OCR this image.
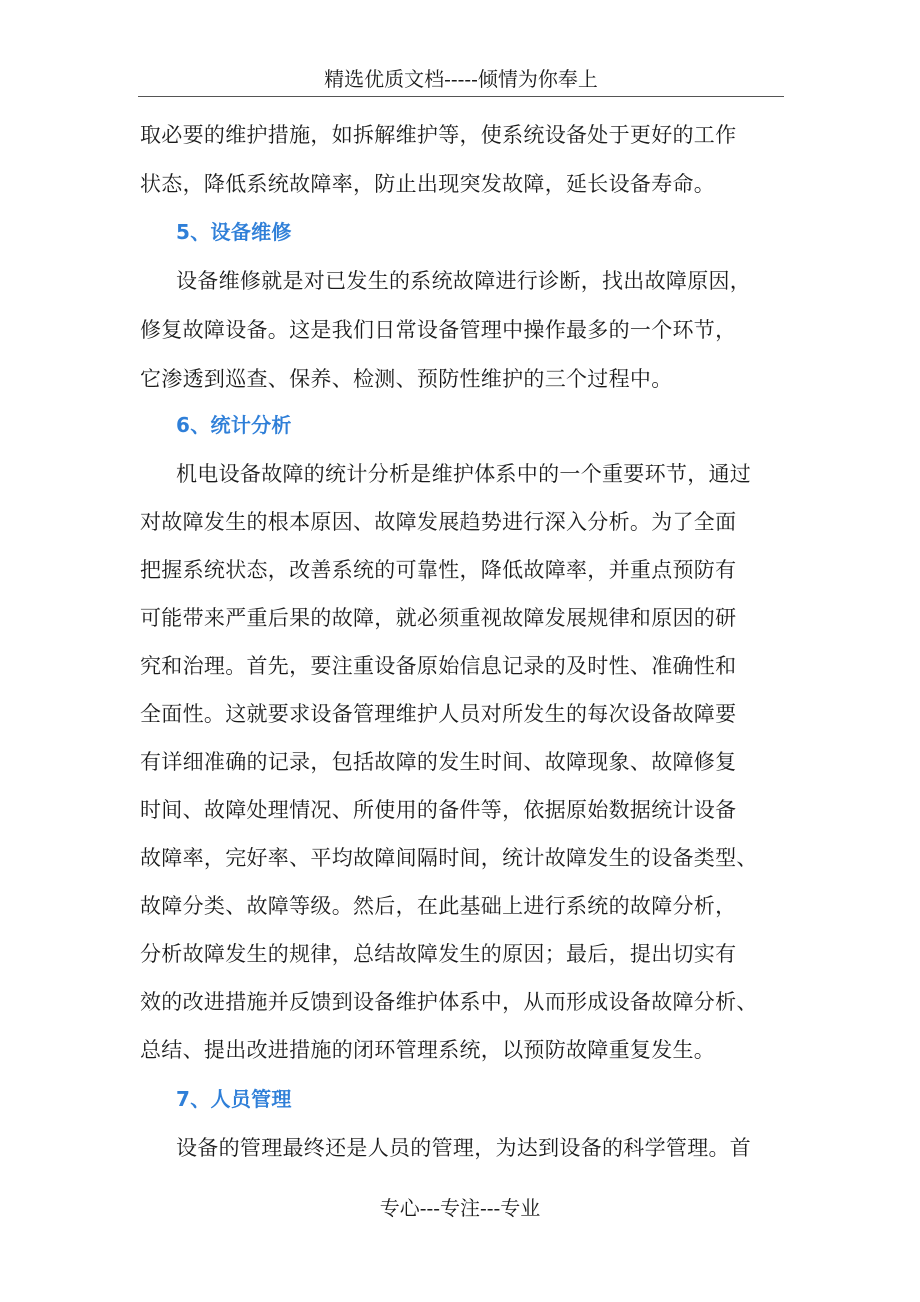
精选优质文档-----倾情为你奉上
取必要的维护措施，如拆解维护等，使系统设备处于更好的工作
状态，降低系统故障率，防止出现突发故障，延长设备寿命。
5、设备维修
设备维修就是对已发生的系统故障进行诊断，找出故障原因，
修复故障设备。这是我们日常设备管理中操作最多的一个环节，
它渗透到巡查、保养、检测、预防性维护的三个过程中。
6、统计分析
机电设备故障的统计分析是维护体系中的一个重要环节，通过
对故障发生的根本原因、故障发展趋势进行深入分析。为了全面
把握系统状态，改善系统的可靠性，降低故障率，并重点预防有
可能带来严重后果的故障，就必须重视故障发展规律和原因的研
究和治理。首先，要注重设备原始信息记录的及时性、准确性和
全面性。这就要求设备管理维护人员对所发生的每次设备故障要
有详细准确的记录，包括故障的发生时间、故障现象、故障修复
时间、故障处理情况、所使用的备件等，依据原始数据统计设备
故障率，完好率、平均故障间隔时间，统计故障发生的设备类型、
故障分类、故障等级。然后，在此基础上进行系统的故障分析，
分析故障发生的规律，总结故障发生的原因；最后，提出切实有
效的改进措施并反馈到设备维护体系中，从而形成设备故障分析、
总结、提出改进措施的闭环管理系统，以预防故障重复发生。
7、人员管理
设备的管理最终还是人员的管理，为达到设备的科学管理。首
专心---专注---专业
